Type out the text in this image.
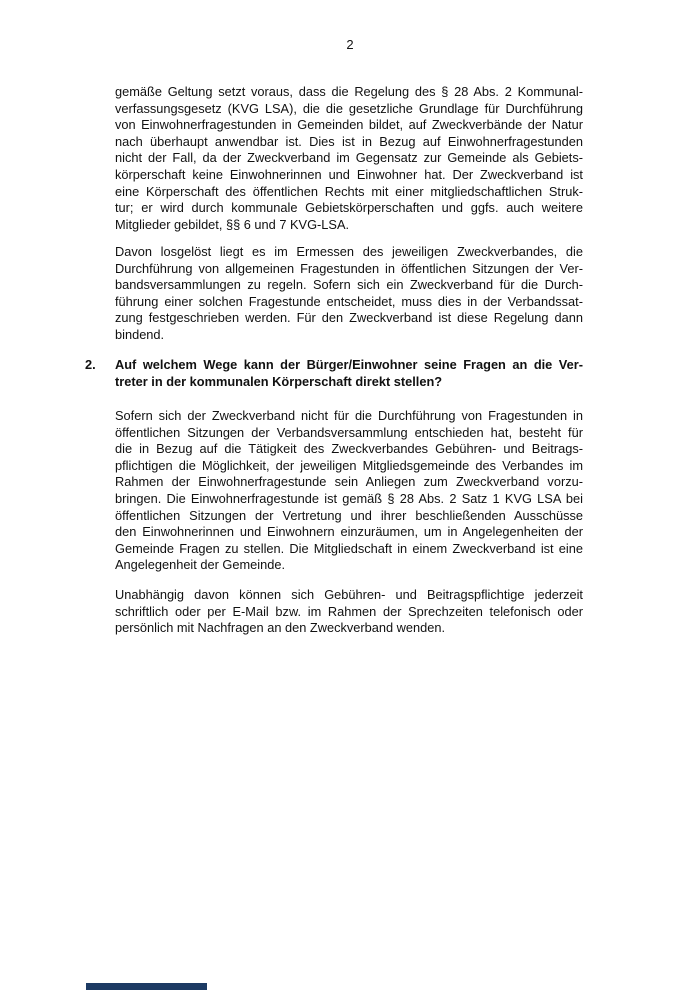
2
gemäße Geltung setzt voraus, dass die Regelung des § 28 Abs. 2 Kommunal-
verfassungsgesetz (KVG LSA), die die gesetzliche Grundlage für Durchführung
von Einwohnerfragestunden in Gemeinden bildet, auf Zweckverbände der Natur
nach überhaupt anwendbar ist. Dies ist in Bezug auf Einwohnerfragestunden
nicht der Fall, da der Zweckverband im Gegensatz zur Gemeinde als Gebiets-
körperschaft keine Einwohnerinnen und Einwohner hat. Der Zweckverband ist
eine Körperschaft des öffentlichen Rechts mit einer mitgliedschaftlichen Struk-
tur; er wird durch kommunale Gebietskörperschaften und ggfs. auch weitere
Mitglieder gebildet, §§ 6 und 7 KVG-LSA.
Davon losgelöst liegt es im Ermessen des jeweiligen Zweckverbandes, die
Durchführung von allgemeinen Fragestunden in öffentlichen Sitzungen der Ver-
bandsversammlungen zu regeln. Sofern sich ein Zweckverband für die Durch-
führung einer solchen Fragestunde entscheidet, muss dies in der Verbandssat-
zung festgeschrieben werden. Für den Zweckverband ist diese Regelung dann
bindend.
2.	Auf welchem Wege kann der Bürger/Einwohner seine Fragen an die Ver-
treter in der kommunalen Körperschaft direkt stellen?
Sofern sich der Zweckverband nicht für die Durchführung von Fragestunden in
öffentlichen Sitzungen der Verbandsversammlung entschieden hat, besteht für
die in Bezug auf die Tätigkeit des Zweckverbandes Gebühren- und Beitrags-
pflichtigen die Möglichkeit, der jeweiligen Mitgliedsgemeinde des Verbandes im
Rahmen der Einwohnerfragestunde sein Anliegen zum Zweckverband vorzu-
bringen. Die Einwohnerfragestunde ist gemäß § 28 Abs. 2 Satz 1 KVG LSA bei
öffentlichen Sitzungen der Vertretung und ihrer beschließenden Ausschüsse
den Einwohnerinnen und Einwohnern einzuräumen, um in Angelegenheiten der
Gemeinde Fragen zu stellen. Die Mitgliedschaft in einem Zweckverband ist eine
Angelegenheit der Gemeinde.
Unabhängig davon können sich Gebühren- und Beitragspflichtige jederzeit
schriftlich oder per E-Mail bzw. im Rahmen der Sprechzeiten telefonisch oder
persönlich mit Nachfragen an den Zweckverband wenden.
